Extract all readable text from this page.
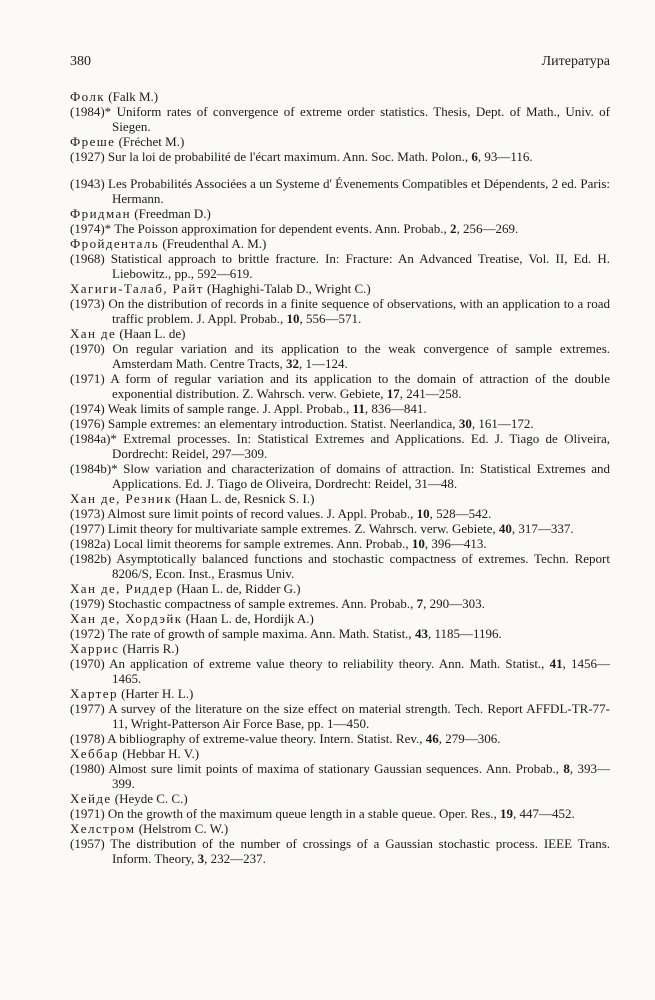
380	Литература

Фолк (Falk M.)

(1984)* Uniform rates of convergence of extreme order statistics. Thesis, Dept. of Math., Univ. of Siegen.

Фреше (Fréchet M.)

(1927) Sur la loi de probabilité de l'écart maximum. Ann. Soc. Math. Polon., 6, 93—116.

(1943) Les Probabilités Associées a un Systeme d' Évenements Compatibles et Dépendents, 2 ed. Paris: Hermann.

Фридман (Freedman D.)

(1974)* The Poisson approximation for dependent events. Ann. Probab., 2, 256—269.

Фройденталь (Freudenthal A. M.)

(1968) Statistical approach to brittle fracture. In: Fracture: An Advanced Treatise, Vol. II, Ed. H. Liebowitz., pp., 592—619.

Хагиги-Талаб, Райт (Haghighi-Talab D., Wright C.)

(1973) On the distribution of records in a finite sequence of observations, with an application to a road traffic problem. J. Appl. Probab., 10, 556—571.

Хан де (Haan L. de)

(1970) On regular variation and its application to the weak convergence of sample extremes. Amsterdam Math. Centre Tracts, 32, 1—124.

(1971) A form of regular variation and its application to the domain of attraction of the double exponential distribution. Z. Wahrsch. verw. Gebiete, 17, 241—258.

(1974) Weak limits of sample range. J. Appl. Probab., 11, 836—841.

(1976) Sample extremes: an elementary introduction. Statist. Neerlandica, 30, 161—172.

(1984a)* Extremal processes. In: Statistical Extremes and Applications. Ed. J. Tiago de Oliveira, Dordrecht: Reidel, 297—309.

(1984b)* Slow variation and characterization of domains of attraction. In: Statistical Extremes and Applications. Ed. J. Tiago de Oliveira, Dordrecht: Reidel, 31—48.

Хан де, Резник (Haan L. de, Resnick S. I.)

(1973) Almost sure limit points of record values. J. Appl. Probab., 10, 528—542.

(1977) Limit theory for multivariate sample extremes. Z. Wahrsch. verw. Gebiete, 40, 317—337.

(1982a) Local limit theorems for sample extremes. Ann. Probab., 10, 396—413.

(1982b) Asymptotically balanced functions and stochastic compactness of extremes. Techn. Report 8206/S, Econ. Inst., Erasmus Univ.

Хан де, Риддер (Haan L. de, Ridder G.)

(1979) Stochastic compactness of sample extremes. Ann. Probab., 7, 290—303.

Хан де, Хордэйк (Haan L. de, Hordijk A.)

(1972) The rate of growth of sample maxima. Ann. Math. Statist., 43, 1185—1196.

Харрис (Harris R.)

(1970) An application of extreme value theory to reliability theory. Ann. Math. Statist., 41, 1456—1465.

Хартер (Harter H. L.)

(1977) A survey of the literature on the size effect on material strength. Tech. Report AFFDL-TR-77-11, Wright-Patterson Air Force Base, pp. 1—450.

(1978) A bibliography of extreme-value theory. Intern. Statist. Rev., 46, 279—306.

Хеббар (Hebbar H. V.)

(1980) Almost sure limit points of maxima of stationary Gaussian sequences. Ann. Probab., 8, 393—399.

Хейде (Heyde C. C.)

(1971) On the growth of the maximum queue length in a stable queue. Oper. Res., 19, 447—452.

Хелстром (Helstrom C. W.)

(1957) The distribution of the number of crossings of a Gaussian stochastic process. IEEE Trans. Inform. Theory, 3, 232—237.
